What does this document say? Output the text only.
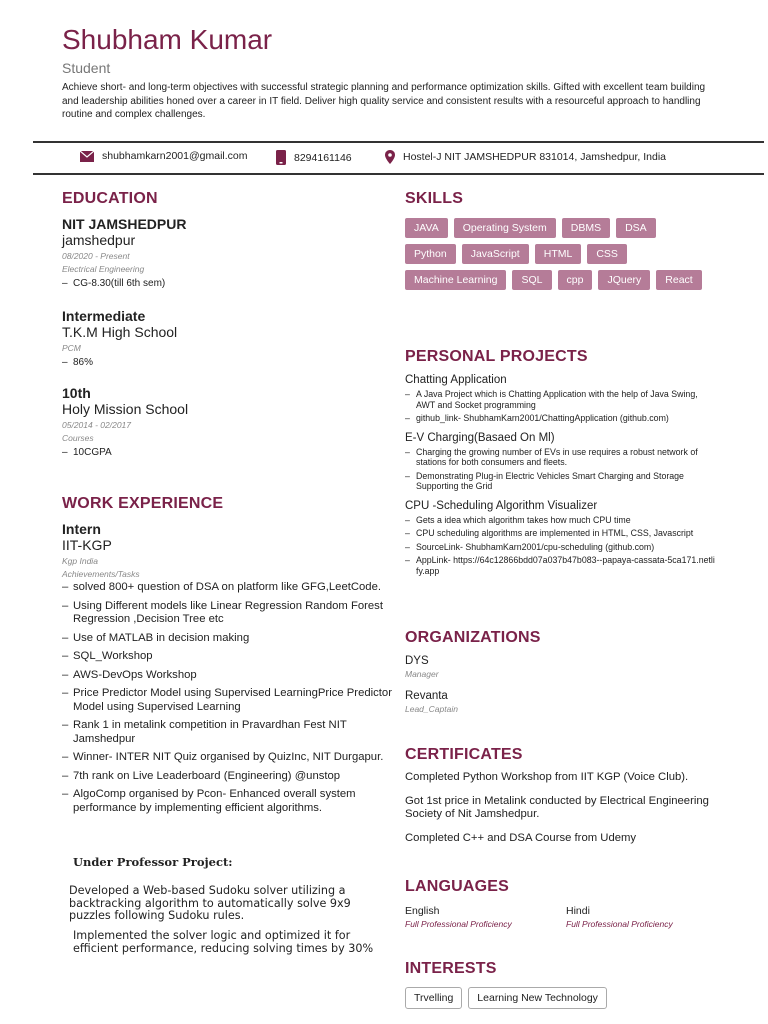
Shubham Kumar
Student
Achieve short- and long-term objectives with successful strategic planning and performance optimization skills. Gifted with excellent team building and leadership abilities honed over a career in IT field. Deliver high quality service and consistent results with a resourceful approach to handling routine and complex challenges.
shubhamkarn2001@gmail.com	8294161146	Hostel-J NIT JAMSHEDPUR 831014, Jamshedpur, India
EDUCATION
NIT JAMSHEDPUR
jamshedpur
08/2020 - Present
Electrical Engineering
– CG-8.30(till 6th sem)
Intermediate
T.K.M High School
PCM
– 86%
10th
Holy Mission School
05/2014 - 02/2017
Courses
– 10CGPA
WORK EXPERIENCE
Intern
IIT-KGP
Kgp India
Achievements/Tasks
– solved 800+ question of DSA on platform like GFG,LeetCode.
– Using Different models like Linear Regression Random Forest Regression ,Decision Tree etc
– Use of MATLAB in decision making
– SQL_Workshop
– AWS-DevOps Workshop
– Price Predictor Model using Supervised LearningPrice Predictor Model using Supervised Learning
– Rank 1 in metalink competition in Pravardhan Fest NIT Jamshedpur
– Winner- INTER NIT Quiz organised by QuizInc, NIT Durgapur.
– 7th rank on Live Leaderboard (Engineering) @unstop
– AlgoComp organised by Pcon- Enhanced overall system performance by implementing efficient algorithms.
Under Professor Project:
Developed a Web-based Sudoku solver utilizing a backtracking algorithm to automatically solve 9x9 puzzles following Sudoku rules.
Implemented the solver logic and optimized it for efficient performance, reducing solving times by 30%
SKILLS
JAVA	Operating System	DBMS	DSA
Python	JavaScript	HTML	CSS
Machine Learning	SQL	cpp	JQuery	React
PERSONAL PROJECTS
Chatting Application
– A Java Project which is Chatting Application with the help of Java Swing, AWT and Socket programming
– github_link- ShubhamKarn2001/ChattingApplication (github.com)
E-V Charging(Basaed On Ml)
– Charging the growing number of EVs in use requires a robust network of stations for both consumers and fleets.
– Demonstrating Plug-in Electric Vehicles Smart Charging and Storage Supporting the Grid
CPU -Scheduling Algorithm Visualizer
– Gets a idea which algorithm takes how much CPU time
– CPU scheduling algorithms are implemented in HTML, CSS, Javascript
– SourceLink- ShubhamKarn2001/cpu-scheduling (github.com)
– AppLink- https://64c12866bdd07a037b47b083--papaya-cassata-5ca171.netlify.app
ORGANIZATIONS
DYS
Manager
Revanta
Lead_Captain
CERTIFICATES
Completed Python Workshop from IIT KGP (Voice Club).
Got 1st price in Metalink conducted by Electrical Engineering Society of Nit Jamshedpur.
Completed C++ and DSA Course from Udemy
LANGUAGES
English
Full Professional Proficiency
Hindi
Full Professional Proficiency
INTERESTS
Trvelling	Learning New Technology
